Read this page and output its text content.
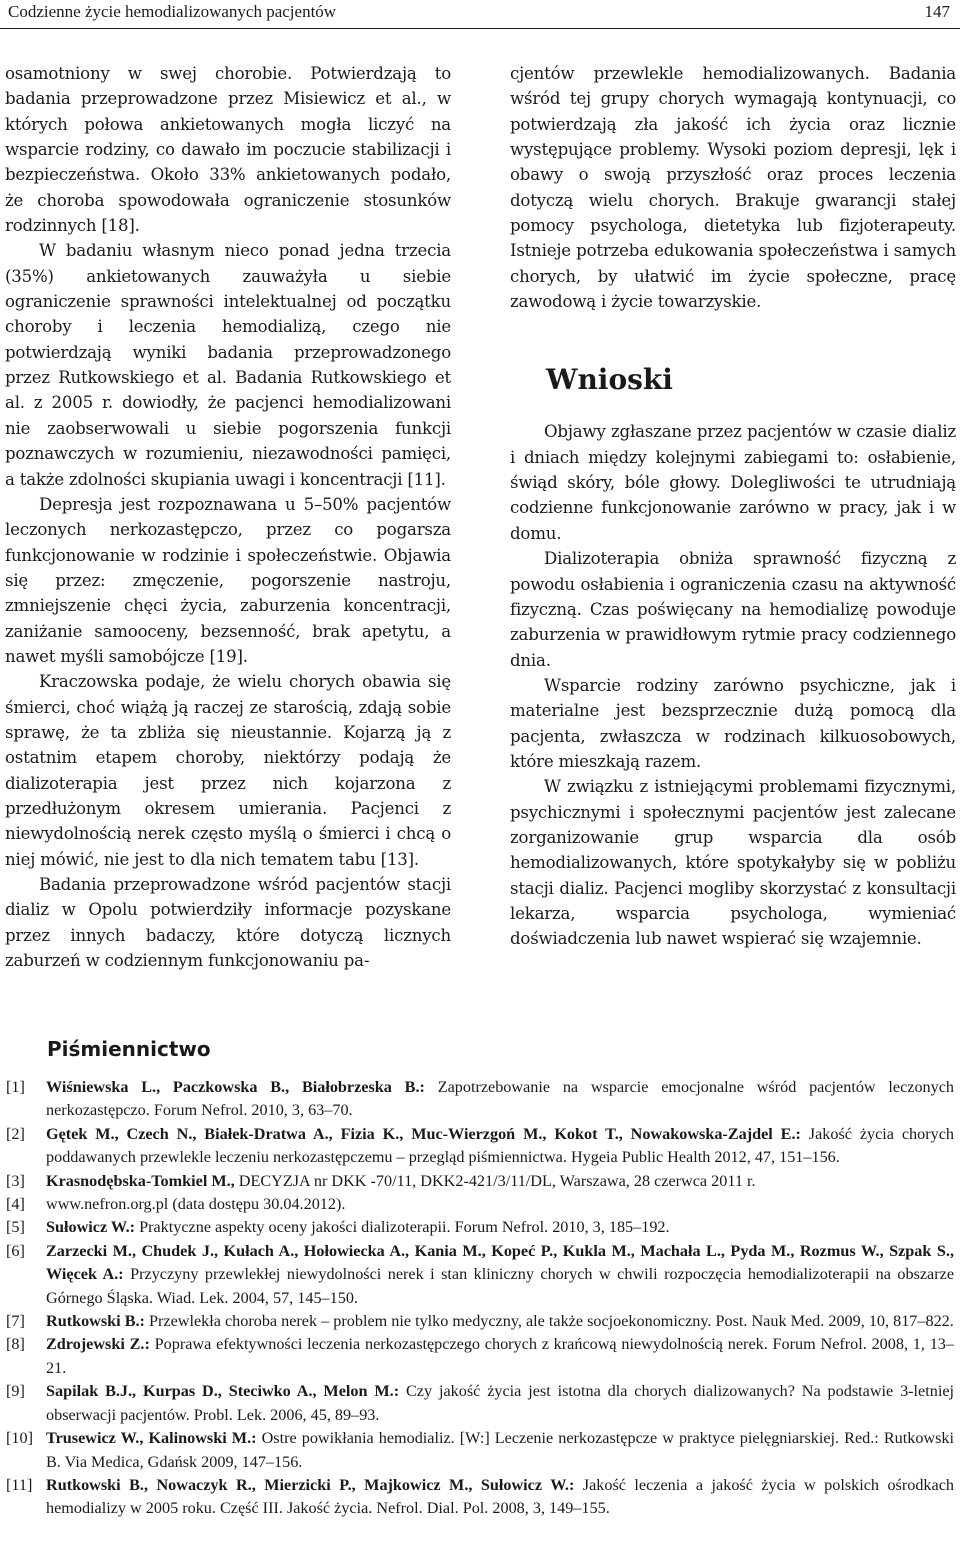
Codzienne życie hemodializowanych pacjentów	147

osamotniony w swej chorobie. Potwierdzają to badania przeprowadzone przez Misiewicz et al., w których połowa ankietowanych mogła liczyć na wsparcie rodziny, co dawało im poczucie stabilizacji i bezpieczeństwa. Około 33% ankietowanych podało, że choroba spowodowała ograniczenie stosunków rodzinnych [18].

W badaniu własnym nieco ponad jedna trzecia (35%) ankietowanych zauważyła u siebie ograniczenie sprawności intelektualnej od początku choroby i leczenia hemodializą, czego nie potwierdzają wyniki badania przeprowadzonego przez Rutkowskiego et al. Badania Rutkowskiego et al. z 2005 r. dowiodły, że pacjenci hemodializowani nie zaobserwowali u siebie pogorszenia funkcji poznawczych w rozumieniu, niezawodności pamięci, a także zdolności skupiania uwagi i koncentracji [11].

Depresja jest rozpoznawana u 5–50% pacjentów leczonych nerkozastępczo, przez co pogarsza funkcjonowanie w rodzinie i społeczeństwie. Objawia się przez: zmęczenie, pogorszenie nastroju, zmniejszenie chęci życia, zaburzenia koncentracji, zaniżanie samooceny, bezsenność, brak apetytu, a nawet myśli samobójcze [19].

Kraczowska podaje, że wielu chorych obawia się śmierci, choć wiążą ją raczej ze starością, zdają sobie sprawę, że ta zbliża się nieustannie. Kojarzą ją z ostatnim etapem choroby, niektórzy podają że dializoterapia jest przez nich kojarzona z przedłużonym okresem umierania. Pacjenci z niewydolnością nerek często myślą o śmierci i chcą o niej mówić, nie jest to dla nich tematem tabu [13].

Badania przeprowadzone wśród pacjentów stacji dializ w Opolu potwierdziły informacje pozyskane przez innych badaczy, które dotyczą licznych zaburzeń w codziennym funkcjonowaniu pa-

cjentów przewlekle hemodializowanych. Badania wśród tej grupy chorych wymagają kontynuacji, co potwierdzają zła jakość ich życia oraz licznie występujące problemy. Wysoki poziom depresji, lęk i obawy o swoją przyszłość oraz proces leczenia dotyczą wielu chorych. Brakuje gwarancji stałej pomocy psychologa, dietetyka lub fizjoterapeuty. Istnieje potrzeba edukowania społeczeństwa i samych chorych, by ułatwić im życie społeczne, pracę zawodową i życie towarzyskie.

Wnioski

Objawy zgłaszane przez pacjentów w czasie dializ i dniach między kolejnymi zabiegami to: osłabienie, świąd skóry, bóle głowy. Dolegliwości te utrudniają codzienne funkcjonowanie zarówno w pracy, jak i w domu.

Dializoterapia obniża sprawność fizyczną z powodu osłabienia i ograniczenia czasu na aktywność fizyczną. Czas poświęcany na hemodializę powoduje zaburzenia w prawidłowym rytmie pracy codziennego dnia.

Wsparcie rodziny zarówno psychiczne, jak i materialne jest bezsprzecznie dużą pomocą dla pacjenta, zwłaszcza w rodzinach kilkuosobowych, które mieszkają razem.

W związku z istniejącymi problemami fizycznymi, psychicznymi i społecznymi pacjentów jest zalecane zorganizowanie grup wsparcia dla osób hemodializowanych, które spotykałyby się w pobliżu stacji dializ. Pacjenci mogliby skorzystać z konsultacji lekarza, wsparcia psychologa, wymieniać doświadczenia lub nawet wspierać się wzajemnie.

Piśmiennictwo
[1]	Wiśniewska L., Paczkowska B., Białobrzeska B.: Zapotrzebowanie na wsparcie emocjonalne wśród pacjentów leczonych nerkozastępczo. Forum Nefrol. 2010, 3, 63–70.
[2]	Gętek M., Czech N., Białek-Dratwa A., Fizia K., Muc-Wierzgoń M., Kokot T., Nowakowska-Zajdel E.: Jakość życia chorych poddawanych przewlekle leczeniu nerkozastępczemu – przegląd piśmiennictwa. Hygeia Public Health 2012, 47, 151–156.
[3]	Krasnodębska-Tomkiel M., DECYZJA nr DKK -70/11, DKK2-421/3/11/DL, Warszawa, 28 czerwca 2011 r.
[4]	www.nefron.org.pl (data dostępu 30.04.2012).
[5]	Sułowicz W.: Praktyczne aspekty oceny jakości dializoterapii. Forum Nefrol. 2010, 3, 185–192.
[6]	Zarzecki M., Chudek J., Kułach A., Hołowiecka A., Kania M., Kopeć P., Kukla M., Machała L., Pyda M., Rozmus W., Szpak S., Więcek A.: Przyczyny przewlekłej niewydolności nerek i stan kliniczny chorych w chwili rozpoczęcia hemodializoterapii na obszarze Górnego Śląska. Wiad. Lek. 2004, 57, 145–150.
[7]	Rutkowski B.: Przewlekła choroba nerek – problem nie tylko medyczny, ale także socjoekonomiczny. Post. Nauk Med. 2009, 10, 817–822.
[8]	Zdrojewski Z.: Poprawa efektywności leczenia nerkozastępczego chorych z krańcową niewydolnością nerek. Forum Nefrol. 2008, 1, 13–21.
[9]	Sapilak B.J., Kurpas D., Steciwko A., Melon M.: Czy jakość życia jest istotna dla chorych dializowanych? Na podstawie 3-letniej obserwacji pacjentów. Probl. Lek. 2006, 45, 89–93.
[10] Trusewicz W., Kalinowski M.: Ostre powikłania hemodializ. [W:] Leczenie nerkozastępcze w praktyce pielęgniarskiej. Red.: Rutkowski B. Via Medica, Gdańsk 2009, 147–156.
[11] Rutkowski B., Nowaczyk R., Mierzicki P., Majkowicz M., Sułowicz W.: Jakość leczenia a jakość życia w polskich ośrodkach hemodializy w 2005 roku. Część III. Jakość życia. Nefrol. Dial. Pol. 2008, 3, 149–155.
